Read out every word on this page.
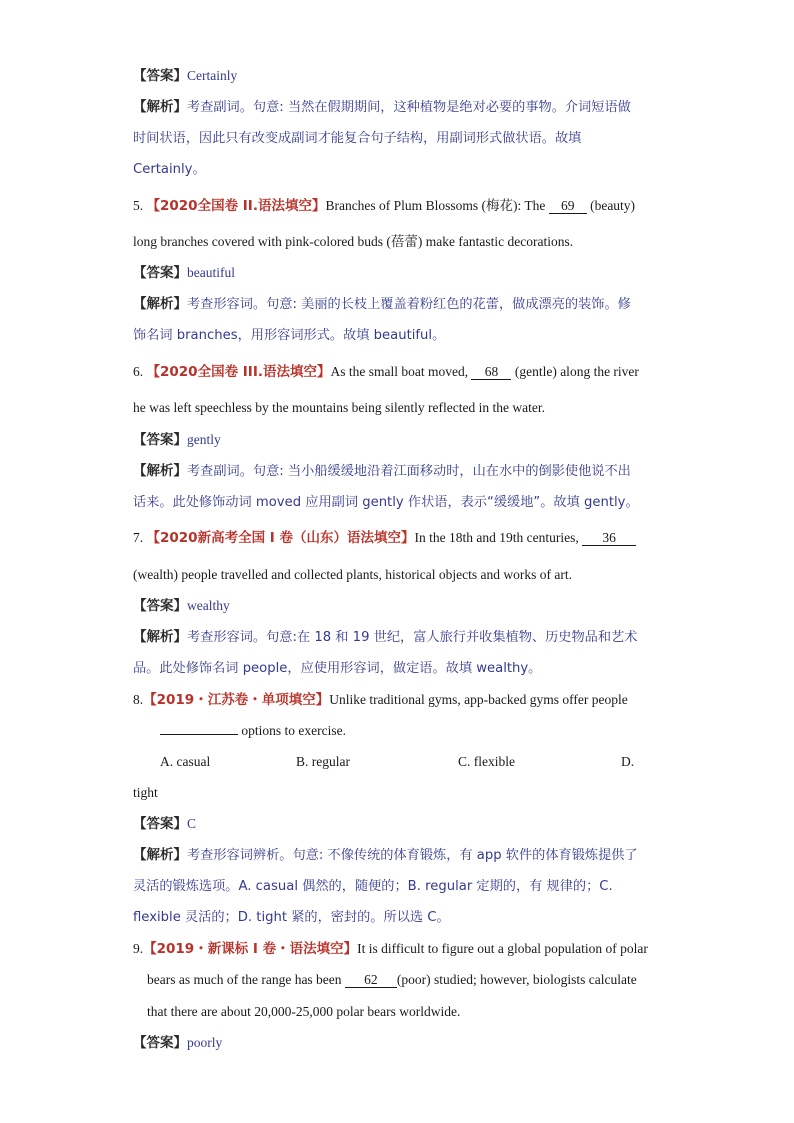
【答案】Certainly
【解析】考查副词。句意: 当然在假期期间，这种植物是绝对必要的事物。介词短语做
时间状语，因此只有改变成副词才能复合句子结构，用副词形式做状语。故填
Certainly。
5. 【2020全国卷 II.语法填空】Branches of Plum Blossoms (梅花): The 69 (beauty)
long branches covered with pink-colored buds (蓓蕾) make fantastic decorations.
【答案】beautiful
【解析】考查形容词。句意: 美丽的长枝上覆盖着粉红色的花蕾，做成漂亮的装饰。修
饰名词 branches，用形容词形式。故填 beautiful。
6. 【2020全国卷 III.语法填空】As the small boat moved, 68 (gentle) along the river
he was left speechless by the mountains being silently reflected in the water.
【答案】gently
【解析】考查副词。句意: 当小船缓缓地沿着江面移动时，山在水中的倒影使他说不出
话来。此处修饰动词 moved 应用副词 gently 作状语，表示“缓缓地”。故填 gently。
7. 【2020新高考全国 I 卷（山东）语法填空】In the 18th and 19th centuries, 36
(wealth) people travelled and collected plants, historical objects and works of art.
【答案】wealthy
【解析】考查形容词。句意:在 18 和 19 世纪，富人旅行并收集植物、历史物品和艺术
品。此处修饰名词 people，应使用形容词，做定语。故填 wealthy。
8.【2019・江苏卷・单项填空】Unlike traditional gyms, app-backed gyms offer people
options to exercise.
A. casual	B. regular	C. flexible	D.
tight
【答案】C
【解析】考查形容词辨析。句意: 不像传统的体育锻炼，有 app 软件的体育锻炼提供了
灵活的锻炼选项。A. casual 偶然的，随便的；B. regular 定期的，有 规律的；C.
flexible 灵活的；D. tight 紧的，密封的。所以选 C。
9.【2019・新课标 I 卷・语法填空】It is difficult to figure out a global population of polar
bears as much of the range has been 62 (poor) studied; however, biologists calculate
that there are about 20,000-25,000 polar bears worldwide.
【答案】poorly
